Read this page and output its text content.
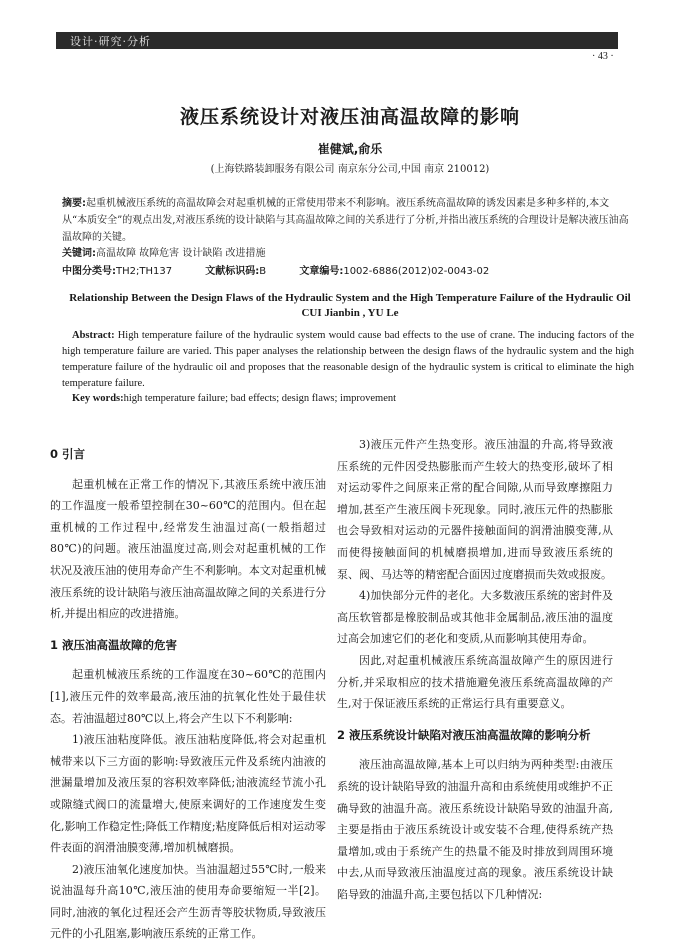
设计·研究·分析
· 43 ·
液压系统设计对液压油高温故障的影响
崔健斌,俞乐
(上海铁路装卸服务有限公司 南京东分公司,中国 南京 210012)
摘要:起重机械液压系统的高温故障会对起重机械的正常使用带来不利影响。液压系统高温故障的诱发因素是多种多样的,本文从“本质安全”的观点出发,对液压系统的设计缺陷与其高温故障之间的关系进行了分析,并指出液压系统的合理设计是解决液压油高温故障的关键。
关键词:高温故障 故障危害 设计缺陷 改进措施
中图分类号:TH2;TH137	文献标识码:B	文章编号:1002-6886(2012)02-0043-02
Relationship Between the Design Flaws of the Hydraulic System and the High Temperature Failure of the Hydraulic Oil
CUI Jianbin , YU Le
Abstract: High temperature failure of the hydraulic system would cause bad effects to the use of crane. The inducing factors of the high temperature failure are varied. This paper analyses the relationship between the design flaws of the hydraulic system and the high temperature failure of the hydraulic oil and proposes that the reasonable design of the hydraulic system is critical to eliminate the high temperature failure.
Key words:high temperature failure; bad effects; design flaws; improvement
0 引言

起重机械在正常工作的情况下,其液压系统中液压油的工作温度一般希望控制在30~60℃的范围内。但在起重机械的工作过程中,经常发生油温过高(一般指超过80℃)的问题。液压油温度过高,则会对起重机械的工作状况及液压油的使用寿命产生不利影响。本文对起重机械液压系统的设计缺陷与液压油高温故障之间的关系进行分析,并提出相应的改进措施。

1 液压油高温故障的危害

起重机械液压系统的工作温度在30~60℃的范围内[1],液压元件的效率最高,液压油的抗氧化性处于最佳状态。若油温超过80℃以上,将会产生以下不利影响:

1)液压油粘度降低。液压油粘度降低,将会对起重机械带来以下三方面的影响:导致液压元件及系统内油液的泄漏量增加及液压泵的容积效率降低;油液流经节流小孔或隙缝式阀口的流量增大,使原来调好的工作速度发生变化,影响工作稳定性;降低工作精度;粘度降低后相对运动零件表面的润滑油膜变薄,增加机械磨损。

2)液压油氧化速度加快。当油温超过55℃时,一般来说油温每升高10℃,液压油的使用寿命要缩短一半[2]。同时,油液的氧化过程还会产生沥青等胶状物质,导致液压元件的小孔阻塞,影响液压系统的正常工作。

3)液压元件产生热变形。液压油温的升高,将导致液压系统的元件因受热膨胀而产生较大的热变形,破坏了相对运动零件之间原来正常的配合间隙,从而导致摩擦阻力增加,甚至产生液压阀卡死现象。同时,液压元件的热膨胀也会导致相对运动的元器件接触面间的润滑油膜变薄,从而使得接触面间的机械磨损增加,进而导致液压系统的泵、阀、马达等的精密配合面因过度磨损而失效或报废。

4)加快部分元件的老化。大多数液压系统的密封件及高压软管都是橡胶制品或其他非金属制品,液压油的温度过高会加速它们的老化和变质,从而影响其使用寿命。

因此,对起重机械液压系统高温故障产生的原因进行分析,并采取相应的技术措施避免液压系统高温故障的产生,对于保证液压系统的正常运行具有重要意义。

2 液压系统设计缺陷对液压油高温故障的影响分析

液压油高温故障,基本上可以归纳为两种类型:由液压系统的设计缺陷导致的油温升高和由系统使用或维护不正确导致的油温升高。液压系统设计缺陷导致的油温升高,主要是指由于液压系统设计或安装不合理,使得系统产热量增加,或由于系统产生的热量不能及时排放到周围环境中去,从而导致液压油温度过高的现象。液压系统设计缺陷导致的油温升高,主要包括以下几种情况:
